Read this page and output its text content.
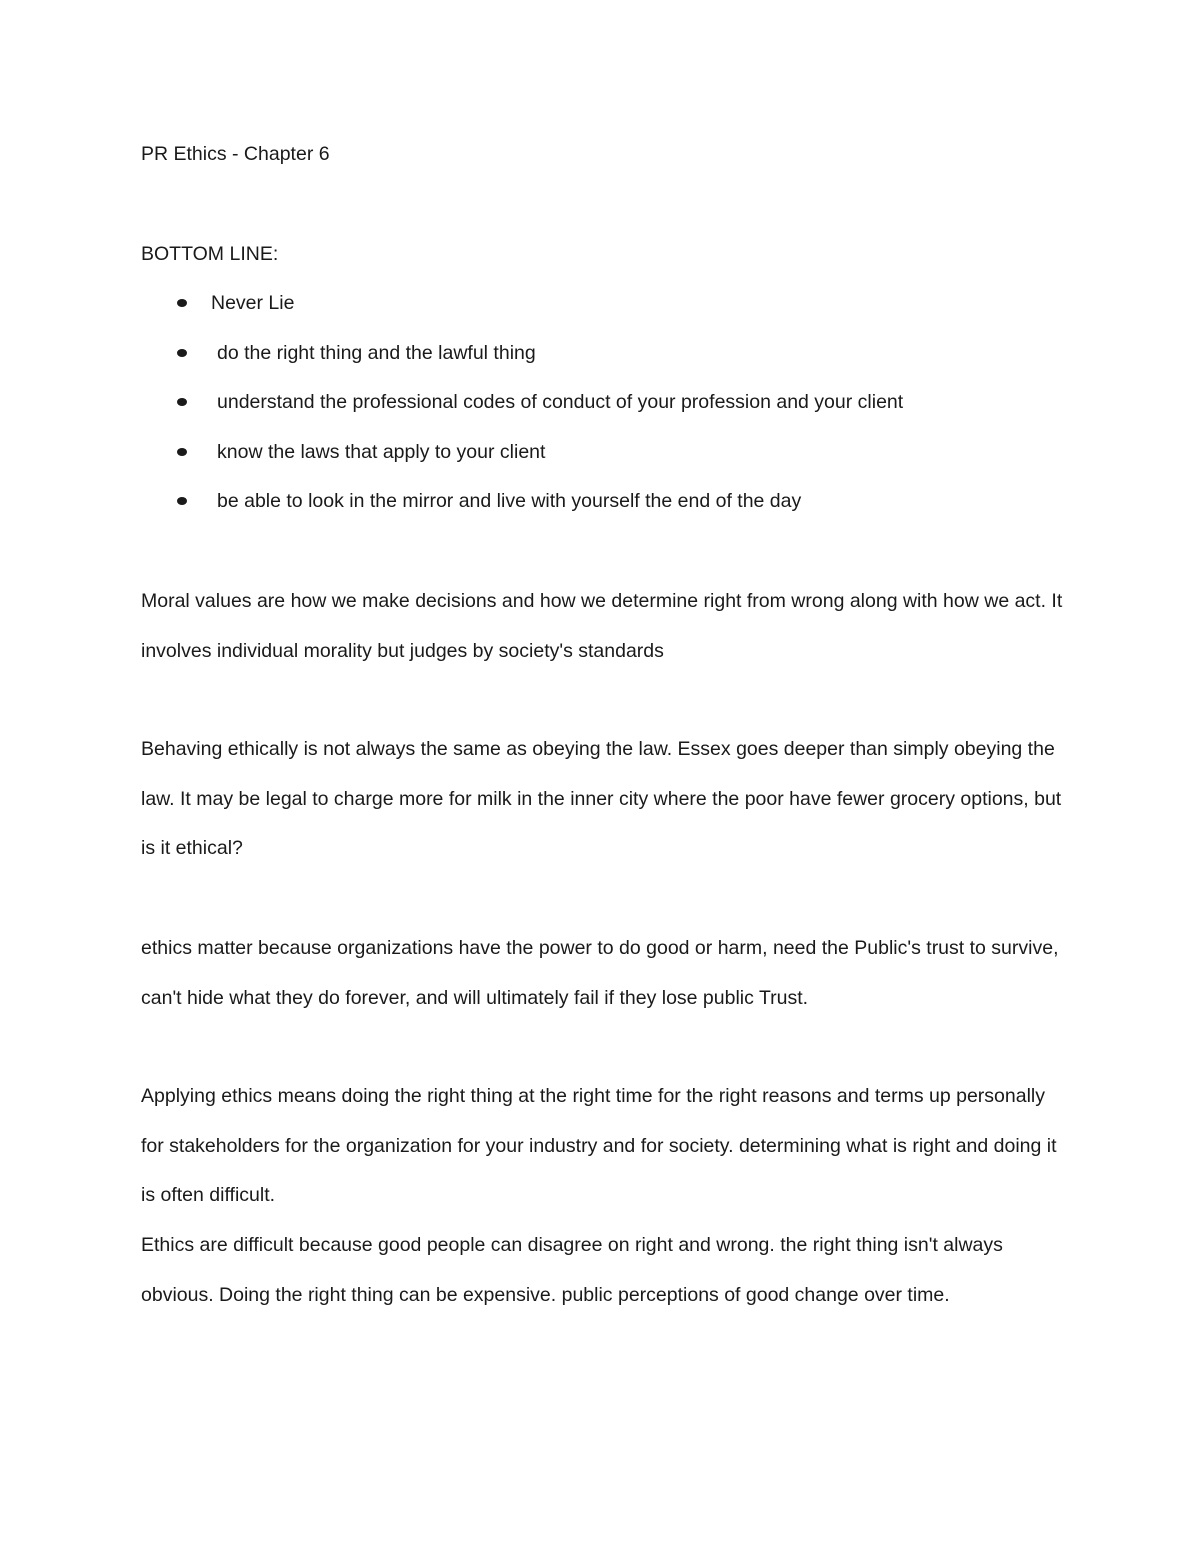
PR Ethics - Chapter 6

BOTTOM LINE:

Never Lie
do the right thing and the lawful thing
understand the professional codes of conduct of your profession and your client
know the laws that apply to your client
be able to look in the mirror and live with yourself the end of the day

Moral values are how we make decisions and how we determine right from wrong along with how we act. It involves individual morality but judges by society's standards

Behaving ethically is not always the same as obeying the law. Essex goes deeper than simply obeying the law. It may be legal to charge more for milk in the inner city where the poor have fewer grocery options, but is it ethical?

ethics matter because organizations have the power to do good or harm, need the Public's trust to survive, can't hide what they do forever, and will ultimately fail if they lose public Trust.

Applying ethics means doing the right thing at the right time for the right reasons and terms up personally for stakeholders for the organization for your industry and for society. determining what is right and doing it is often difficult.

Ethics are difficult because good people can disagree on right and wrong. the right thing isn't always obvious. Doing the right thing can be expensive. public perceptions of good change over time.
